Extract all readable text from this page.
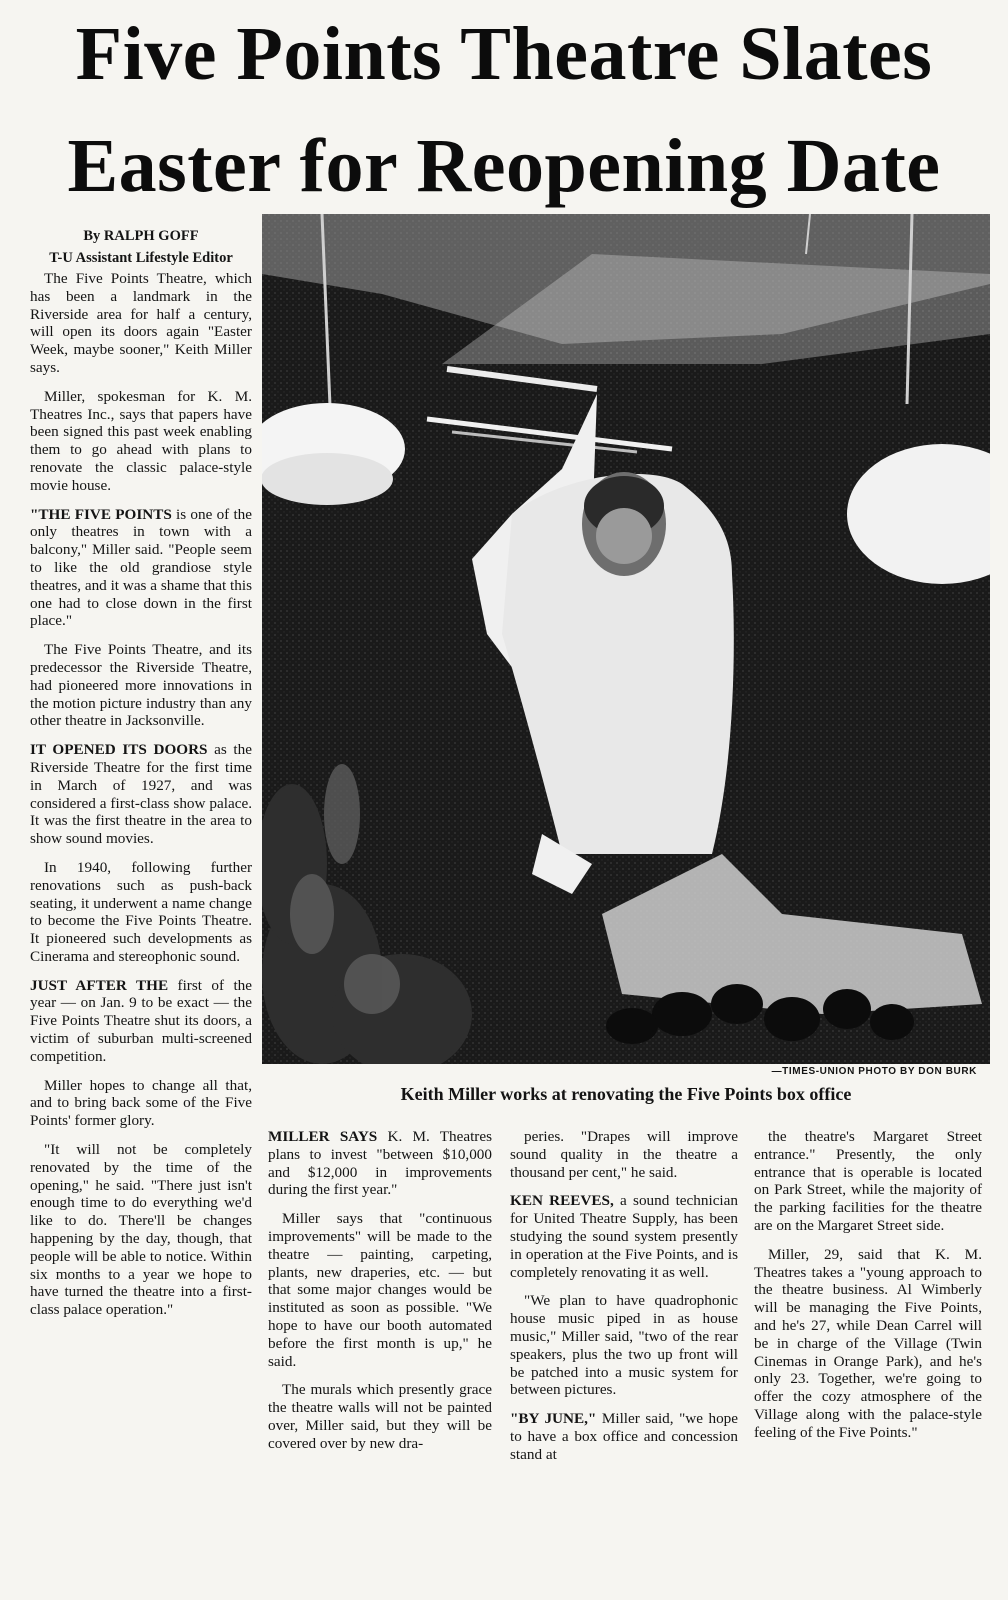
Five Points Theatre Slates
Easter for Reopening Date
By RALPH GOFF
T-U Assistant Lifestyle Editor

The Five Points Theatre, which has been a landmark in the Riverside area for half a century, will open its doors again "Easter Week, maybe sooner," Keith Miller says.

Miller, spokesman for K. M. Theatres Inc., says that papers have been signed this past week enabling them to go ahead with plans to renovate the classic palace-style movie house.

"THE FIVE POINTS is one of the only theatres in town with a balcony," Miller said. "People seem to like the old grandiose style theatres, and it was a shame that this one had to close down in the first place."

The Five Points Theatre, and its predecessor the Riverside Theatre, had pioneered more innovations in the motion picture industry than any other theatre in Jacksonville.

IT OPENED ITS DOORS as the Riverside Theatre for the first time in March of 1927, and was considered a first-class show palace. It was the first theatre in the area to show sound movies.

In 1940, following further renovations such as push-back seating, it underwent a name change to become the Five Points Theatre. It pioneered such developments as Cinerama and stereophonic sound.

JUST AFTER THE first of the year — on Jan. 9 to be exact — the Five Points Theatre shut its doors, a victim of suburban multi-screened competition.

Miller hopes to change all that, and to bring back some of the Five Points' former glory.

"It will not be completely renovated by the time of the opening," he said. "There just isn't enough time to do everything we'd like to do. There'll be changes happening by the day, though, that people will be able to notice. Within six months to a year we hope to have turned the theatre into a first-class palace operation."

—TIMES-UNION PHOTO BY DON BURK
Keith Miller works at renovating the Five Points box office

MILLER SAYS K. M. Theatres plans to invest "between $10,000 and $12,000 in improvements during the first year."

Miller says that "continuous improvements" will be made to the theatre — painting, carpeting, plants, new draperies, etc. — but that some major changes would be instituted as soon as possible. "We hope to have our booth automated before the first month is up," he said.

The murals which presently grace the theatre walls will not be painted over, Miller said, but they will be covered over by new dra-

peries. "Drapes will improve sound quality in the theatre a thousand per cent," he said.

KEN REEVES, a sound technician for United Theatre Supply, has been studying the sound system presently in operation at the Five Points, and is completely renovating it as well.

"We plan to have quadrophonic house music piped in as house music," Miller said, "two of the rear speakers, plus the two up front will be patched into a music system for between pictures.

"BY JUNE," Miller said, "we hope to have a box office and concession stand at

the theatre's Margaret Street entrance." Presently, the only entrance that is operable is located on Park Street, while the majority of the parking facilities for the theatre are on the Margaret Street side.

Miller, 29, said that K. M. Theatres takes a "young approach to the theatre business. Al Wimberly will be managing the Five Points, and he's 27, while Dean Carrel will be in charge of the Village (Twin Cinemas in Orange Park), and he's only 23. Together, we're going to offer the cozy atmosphere of the Village along with the palace-style feeling of the Five Points."
